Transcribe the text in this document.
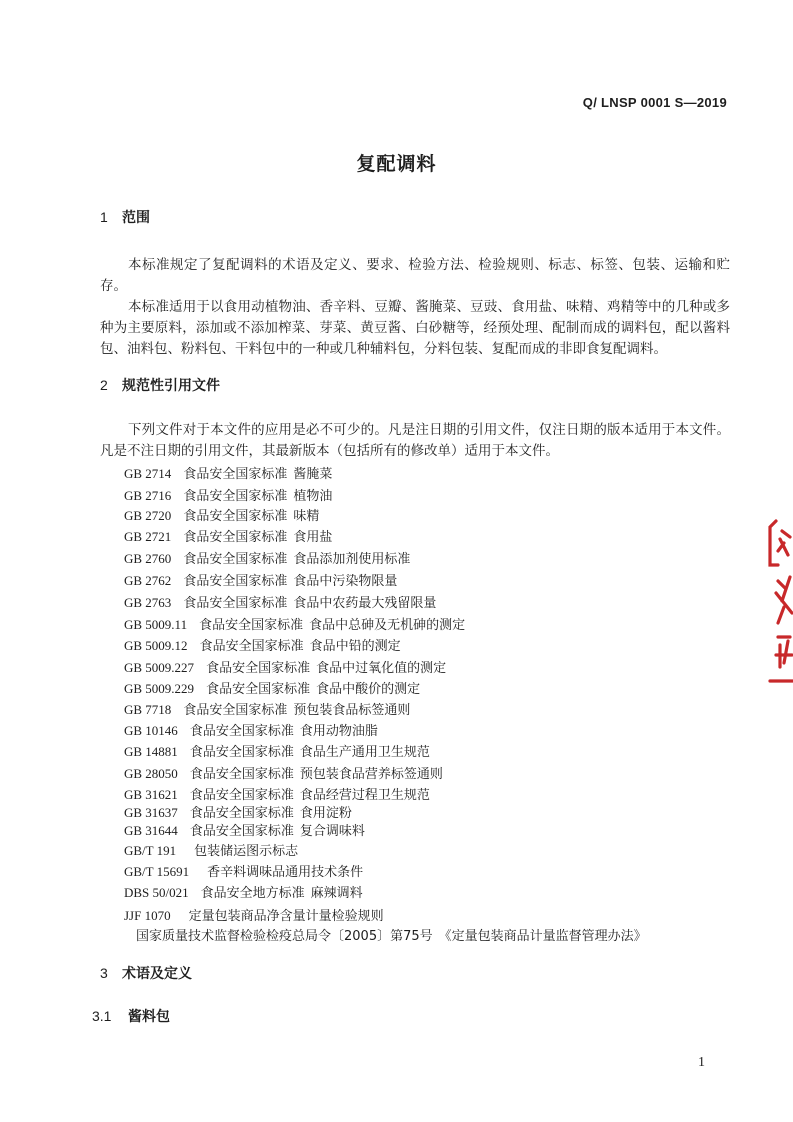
Q/ LNSP 0001 S—2019
复配调料
1 范围
本标准规定了复配调料的术语及定义、要求、检验方法、检验规则、标志、标签、包装、运输和贮存。
本标准适用于以食用动植物油、香辛料、豆瓣、酱腌菜、豆豉、食用盐、味精、鸡精等中的几种或多种为主要原料，添加或不添加榨菜、芽菜、黄豆酱、白砂糖等，经预处理、配制而成的调料包，配以酱料包、油料包、粉料包、干料包中的一种或几种辅料包，分料包装、复配而成的非即食复配调料。
2 规范性引用文件
下列文件对于本文件的应用是必不可少的。凡是注日期的引用文件，仅注日期的版本适用于本文件。凡是不注日期的引用文件，其最新版本（包括所有的修改单）适用于本文件。
GB 2714 食品安全国家标准 酱腌菜
GB 2716 食品安全国家标准 植物油
GB 2720 食品安全国家标准 味精
GB 2721 食品安全国家标准 食用盐
GB 2760 食品安全国家标准 食品添加剂使用标准
GB 2762 食品安全国家标准 食品中污染物限量
GB 2763 食品安全国家标准 食品中农药最大残留限量
GB 5009.11 食品安全国家标准 食品中总砷及无机砷的测定
GB 5009.12 食品安全国家标准 食品中铅的测定
GB 5009.227 食品安全国家标准 食品中过氧化值的测定
GB 5009.229 食品安全国家标准 食品中酸价的测定
GB 7718 食品安全国家标准 预包装食品标签通则
GB 10146 食品安全国家标准 食用动物油脂
GB 14881 食品安全国家标准 食品生产通用卫生规范
GB 28050 食品安全国家标准 预包装食品营养标签通则
GB 31621 食品安全国家标准 食品经营过程卫生规范
GB 31637 食品安全国家标准 食用淀粉
GB 31644 食品安全国家标准 复合调味料
GB/T 191 包装储运图示标志
GB/T 15691 香辛料调味品通用技术条件
DBS 50/021 食品安全地方标准 麻辣调料
JJF 1070 定量包装商品净含量计量检验规则
国家质量技术监督检验检疫总局令〔2005〕第75号 《定量包装商品计量监督管理办法》
3 术语及定义
3.1 酱料包
1
